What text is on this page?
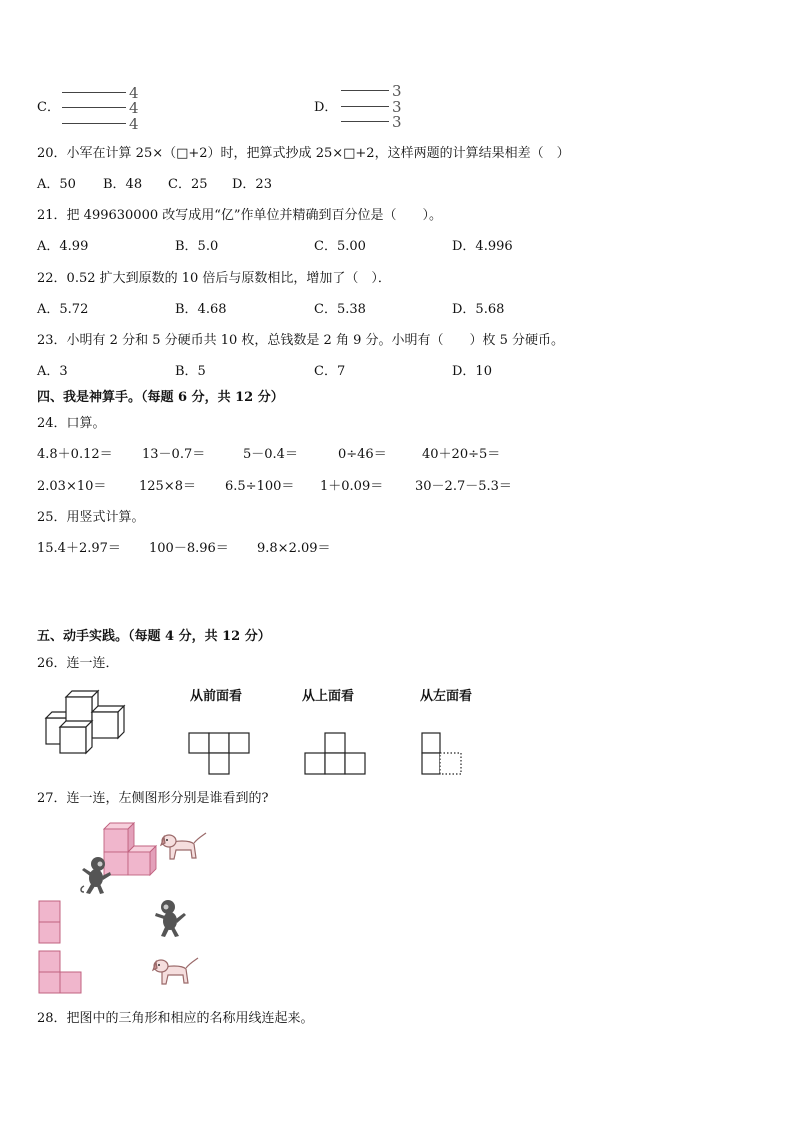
C．
4
4
4
D．
3
3
3
20．小军在计算 25×（□+2）时，把算式抄成 25×□+2，这样两题的计算结果相差（　）
A．50 B．48 C．25 D．23
21．把 499630000 改写成用“亿”作单位并精确到百分位是（　　）。
A．4.99	B．5.0	C．5.00	D．4.996
22．0.52 扩大到原数的 10 倍后与原数相比，增加了（　）．
A．5.72	B．4.68	C．5.38	D．5.68
23．小明有 2 分和 5 分硬币共 10 枚，总钱数是 2 角 9 分。小明有（　　）枚 5 分硬币。
A．3	B．5	C．7	D．10
四、我是神算手。（每题 6 分，共 12 分）
24．口算。
4.8＋0.12＝ 13－0.7＝	5－0.4＝	0÷46＝	40＋20÷5＝
2.03×10＝	125×8＝ 6.5÷100＝ 1＋0.09＝ 30－2.7－5.3＝
25．用竖式计算。
15.4＋2.97＝ 100－8.96＝ 9.8×2.09＝
五、动手实践。（每题 4 分，共 12 分）
26．连一连．
从前面看	从上面看	从左面看
27．连一连，左侧图形分别是谁看到的?
28．把图中的三角形和相应的名称用线连起来。
